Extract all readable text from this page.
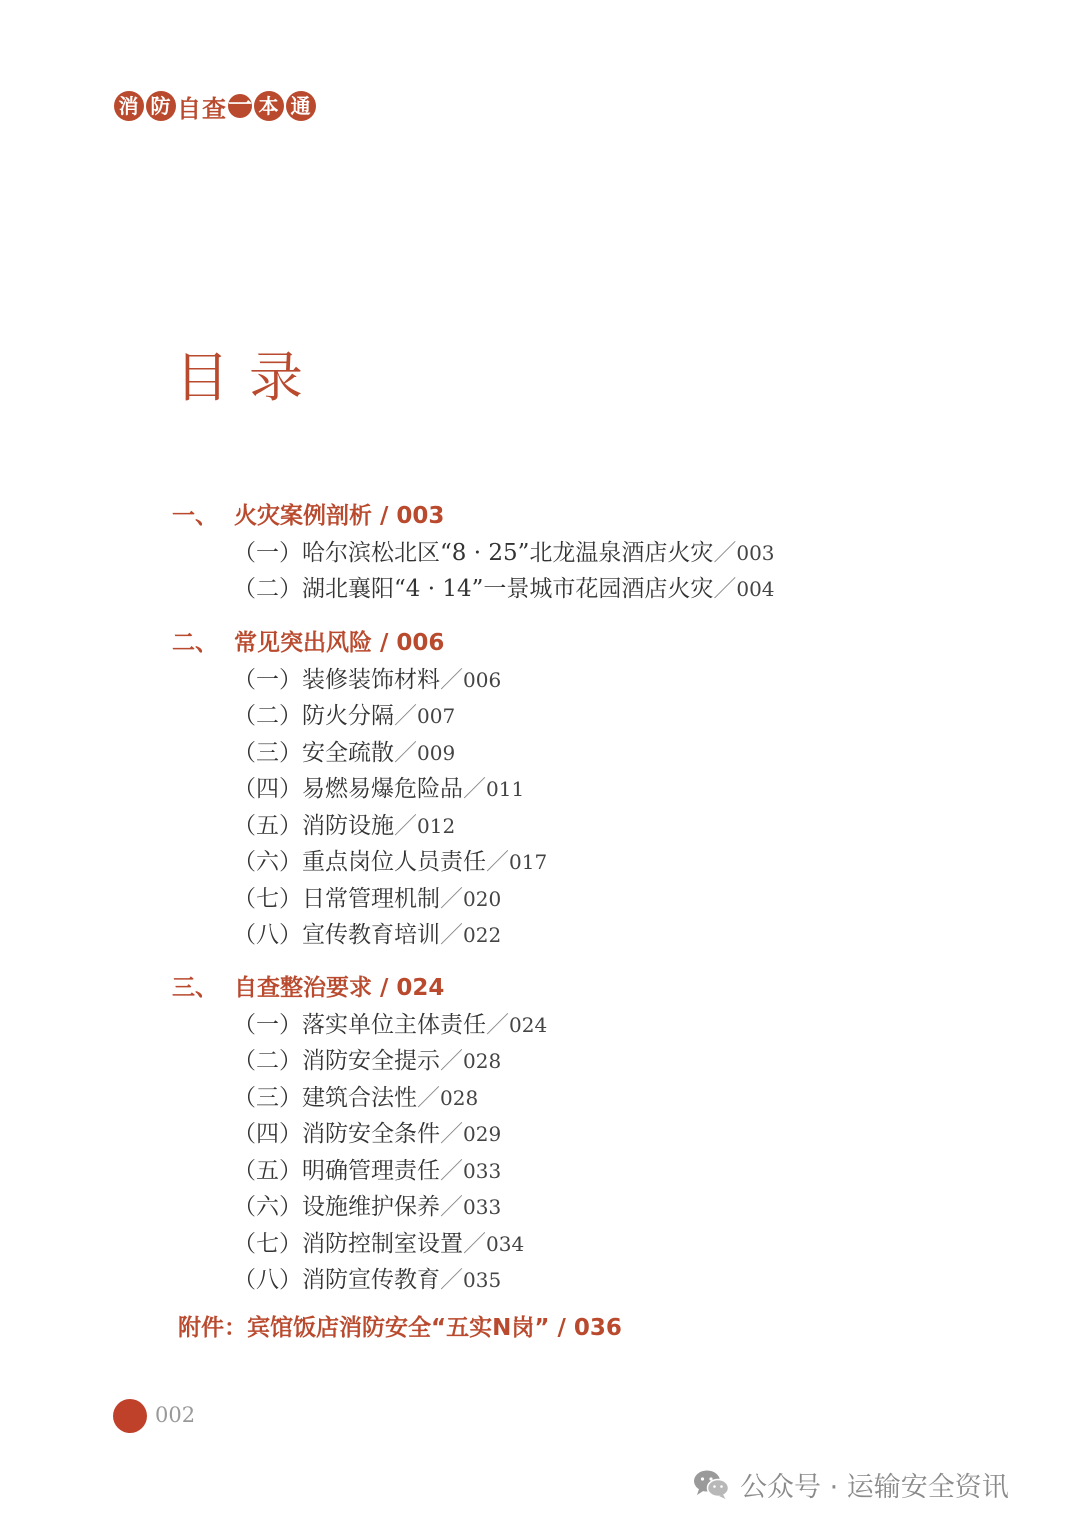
消 防 自 查 一 本 通
目录
一、 火灾案例剖析 / 003
（一）哈尔滨松北区“8 · 25”北龙温泉酒店火灾／003
（二）湖北襄阳“4 · 14”一景城市花园酒店火灾／004
二、 常见突出风险 / 006
（一）装修装饰材料／006
（二）防火分隔／007
（三）安全疏散／009
（四）易燃易爆危险品／011
（五）消防设施／012
（六）重点岗位人员责任／017
（七）日常管理机制／020
（八）宣传教育培训／022
三、 自查整治要求 / 024
（一）落实单位主体责任／024
（二）消防安全提示／028
（三）建筑合法性／028
（四）消防安全条件／029
（五）明确管理责任／033
（六）设施维护保养／033
（七）消防控制室设置／034
（八）消防宣传教育／035
附件：宾馆饭店消防安全“五实N岗” / 036
002
公众号 · 运输安全资讯
